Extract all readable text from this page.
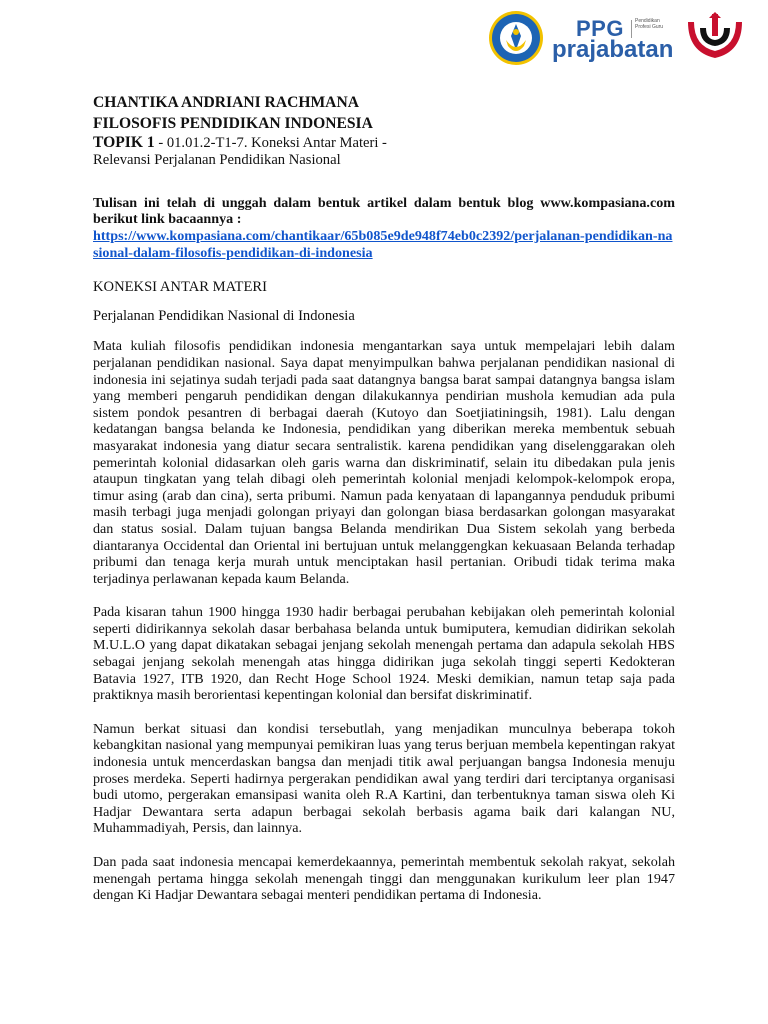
PPG Pendidikan Profesi Guru
prajabatan

CHANTIKA ANDRIANI RACHMANA

FILOSOFIS PENDIDIKAN INDONESIA

TOPIK 1 - 01.01.2-T1-7. Koneksi Antar Materi -

Relevansi Perjalanan Pendidikan Nasional

Tulisan ini telah di unggah dalam bentuk artikel dalam bentuk blog www.kompasiana.com berikut link bacaannya :

https://www.kompasiana.com/chantikaar/65b085e9de948f74eb0c2392/perjalanan-pendidikan-nasional-dalam-filosofis-pendidikan-di-indonesia

KONEKSI ANTAR MATERI

Perjalanan Pendidikan Nasional di Indonesia

Mata kuliah filosofis pendidikan indonesia mengantarkan saya untuk mempelajari lebih dalam perjalanan pendidikan nasional. Saya dapat menyimpulkan bahwa perjalanan pendidikan nasional di indonesia ini sejatinya sudah terjadi pada saat datangnya bangsa barat sampai datangnya bangsa islam yang memberi pengaruh pendidikan dengan dilakukannya pendirian mushola kemudian ada pula sistem pondok pesantren di berbagai daerah (Kutoyo dan Soetjiatiningsih, 1981). Lalu dengan kedatangan bangsa belanda ke Indonesia, pendidikan yang diberikan mereka membentuk sebuah masyarakat indonesia yang diatur secara sentralistik. karena pendidikan yang diselenggarakan oleh pemerintah kolonial didasarkan oleh garis warna dan diskriminatif, selain itu dibedakan pula jenis ataupun tingkatan yang telah dibagi oleh pemerintah kolonial menjadi kelompok-kelompok eropa, timur asing (arab dan cina), serta pribumi. Namun pada kenyataan di lapangannya penduduk pribumi masih terbagi juga menjadi golongan priyayi dan golongan biasa berdasarkan golongan masyarakat dan status sosial. Dalam tujuan bangsa Belanda mendirikan Dua Sistem sekolah yang berbeda diantaranya Occidental dan Oriental ini bertujuan untuk melanggengkan kekuasaan Belanda terhadap pribumi dan tenaga kerja murah untuk menciptakan hasil pertanian. Oribudi tidak terima maka terjadinya perlawanan kepada kaum Belanda.

Pada kisaran tahun 1900 hingga 1930 hadir berbagai perubahan kebijakan oleh pemerintah kolonial seperti didirikannya sekolah dasar berbahasa belanda untuk bumiputera, kemudian didirikan sekolah M.U.L.O yang dapat dikatakan sebagai jenjang sekolah menengah pertama dan adapula sekolah HBS sebagai jenjang sekolah menengah atas hingga didirikan juga sekolah tinggi seperti Kedokteran Batavia 1927, ITB 1920, dan Recht Hoge School 1924. Meski demikian, namun tetap saja pada praktiknya masih berorientasi kepentingan kolonial dan bersifat diskriminatif.

Namun berkat situasi dan kondisi tersebutlah, yang menjadikan munculnya beberapa tokoh kebangkitan nasional yang mempunyai pemikiran luas yang terus berjuan membela kepentingan rakyat indonesia untuk mencerdaskan bangsa dan menjadi titik awal perjuangan bangsa Indonesia menuju proses merdeka. Seperti hadirnya pergerakan pendidikan awal yang terdiri dari terciptanya organisasi budi utomo, pergerakan emansipasi wanita oleh R.A Kartini, dan terbentuknya taman siswa oleh Ki Hadjar Dewantara serta adapun berbagai sekolah berbasis agama baik dari kalangan NU, Muhammadiyah, Persis, dan lainnya.

Dan pada saat indonesia mencapai kemerdekaannya, pemerintah membentuk sekolah rakyat, sekolah menengah pertama hingga sekolah menengah tinggi dan menggunakan kurikulum leer plan 1947 dengan Ki Hadjar Dewantara sebagai menteri pendidikan pertama di Indonesia.
